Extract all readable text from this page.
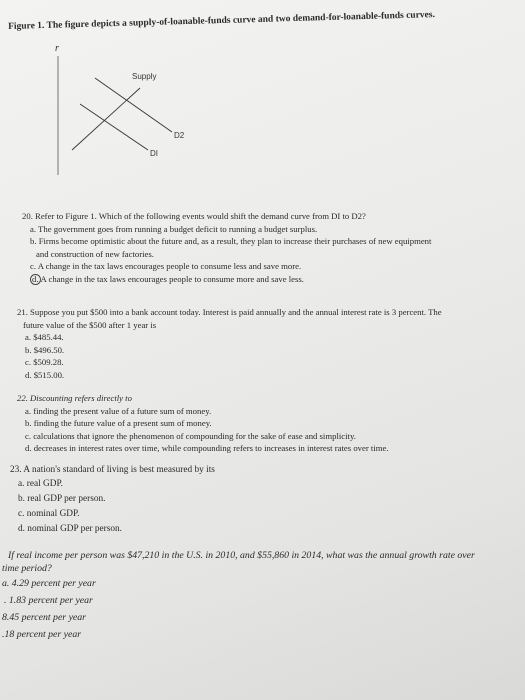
Figure 1. The figure depicts a supply-of-loanable-funds curve and two demand-for-loanable-funds curves.
r
Supply
D2
DI
20. Refer to Figure 1. Which of the following events would shift the demand curve from DI to D2?
a. The government goes from running a budget deficit to running a budget surplus.
b. Firms become optimistic about the future and, as a result, they plan to increase their purchases of new equipment
and construction of new factories.
c. A change in the tax laws encourages people to consume less and save more.
d. A change in the tax laws encourages people to consume more and save less.
21. Suppose you put $500 into a bank account today. Interest is paid annually and the annual interest rate is 3 percent. The
future value of the $500 after 1 year is
a. $485.44.
b. $496.50.
c. $509.28.
d. $515.00.
22. Discounting refers directly to
a. finding the present value of a future sum of money.
b. finding the future value of a present sum of money.
c. calculations that ignore the phenomenon of compounding for the sake of ease and simplicity.
d. decreases in interest rates over time, while compounding refers to increases in interest rates over time.
23. A nation's standard of living is best measured by its
a. real GDP.
b. real GDP per person.
c. nominal GDP.
d. nominal GDP per person.
If real income per person was $47,210 in the U.S. in 2010, and $55,860 in 2014, what was the annual growth rate over
time period?
a. 4.29 percent per year
. 1.83 percent per year
8.45 percent per year
.18 percent per year
